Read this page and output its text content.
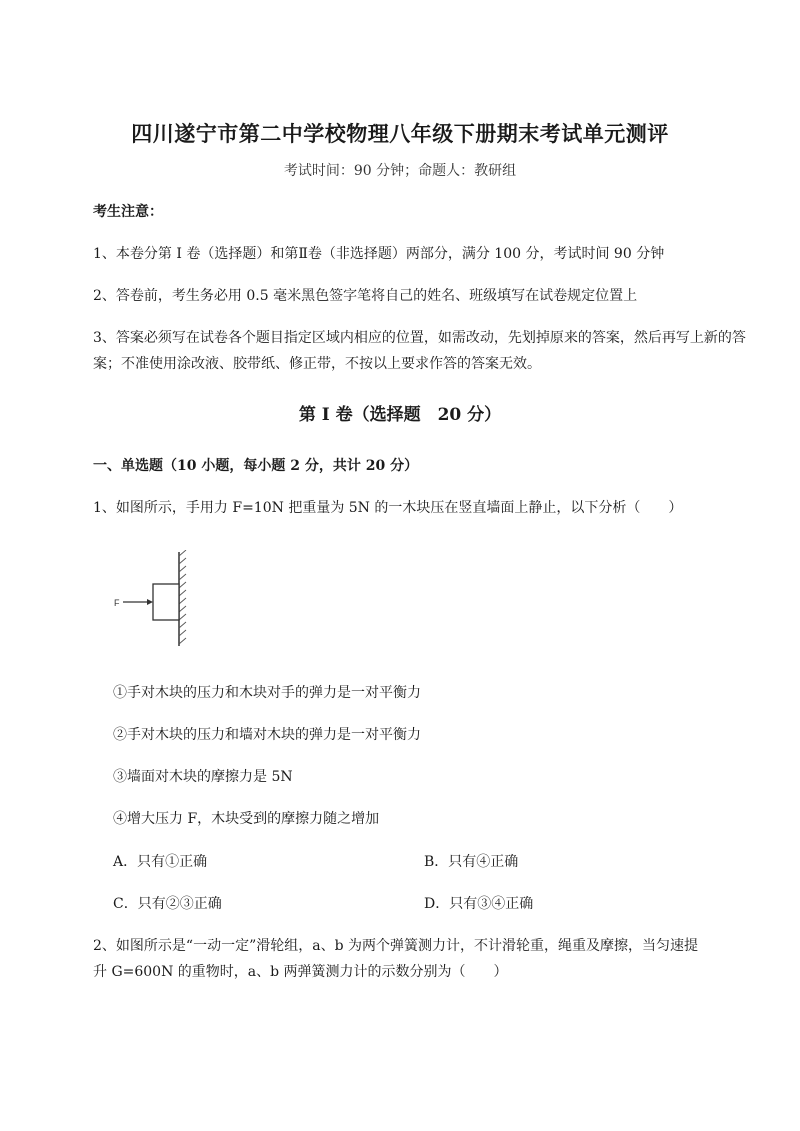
四川遂宁市第二中学校物理八年级下册期末考试单元测评
考试时间：90 分钟；命题人：教研组
考生注意：
1、本卷分第 I 卷（选择题）和第Ⅱ卷（非选择题）两部分，满分 100 分，考试时间 90 分钟
2、答卷前，考生务必用 0.5 毫米黑色签字笔将自己的姓名、班级填写在试卷规定位置上
3、答案必须写在试卷各个题目指定区域内相应的位置，如需改动，先划掉原来的答案，然后再写上新的答案；不准使用涂改液、胶带纸、修正带，不按以上要求作答的答案无效。
第 I 卷（选择题　20 分）
一、单选题（10 小题，每小题 2 分，共计 20 分）
1、如图所示，手用力 F=10N 把重量为 5N 的一木块压在竖直墙面上静止，以下分析（　　）
F
①手对木块的压力和木块对手的弹力是一对平衡力
②手对木块的压力和墙对木块的弹力是一对平衡力
③墙面对木块的摩擦力是 5N
④增大压力 F，木块受到的摩擦力随之增加
A．只有①正确	B．只有④正确
C．只有②③正确	D．只有③④正确
2、如图所示是“一动一定”滑轮组，a、b 为两个弹簧测力计，不计滑轮重，绳重及摩擦，当匀速提
升 G=600N 的重物时，a、b 两弹簧测力计的示数分别为（　　）
